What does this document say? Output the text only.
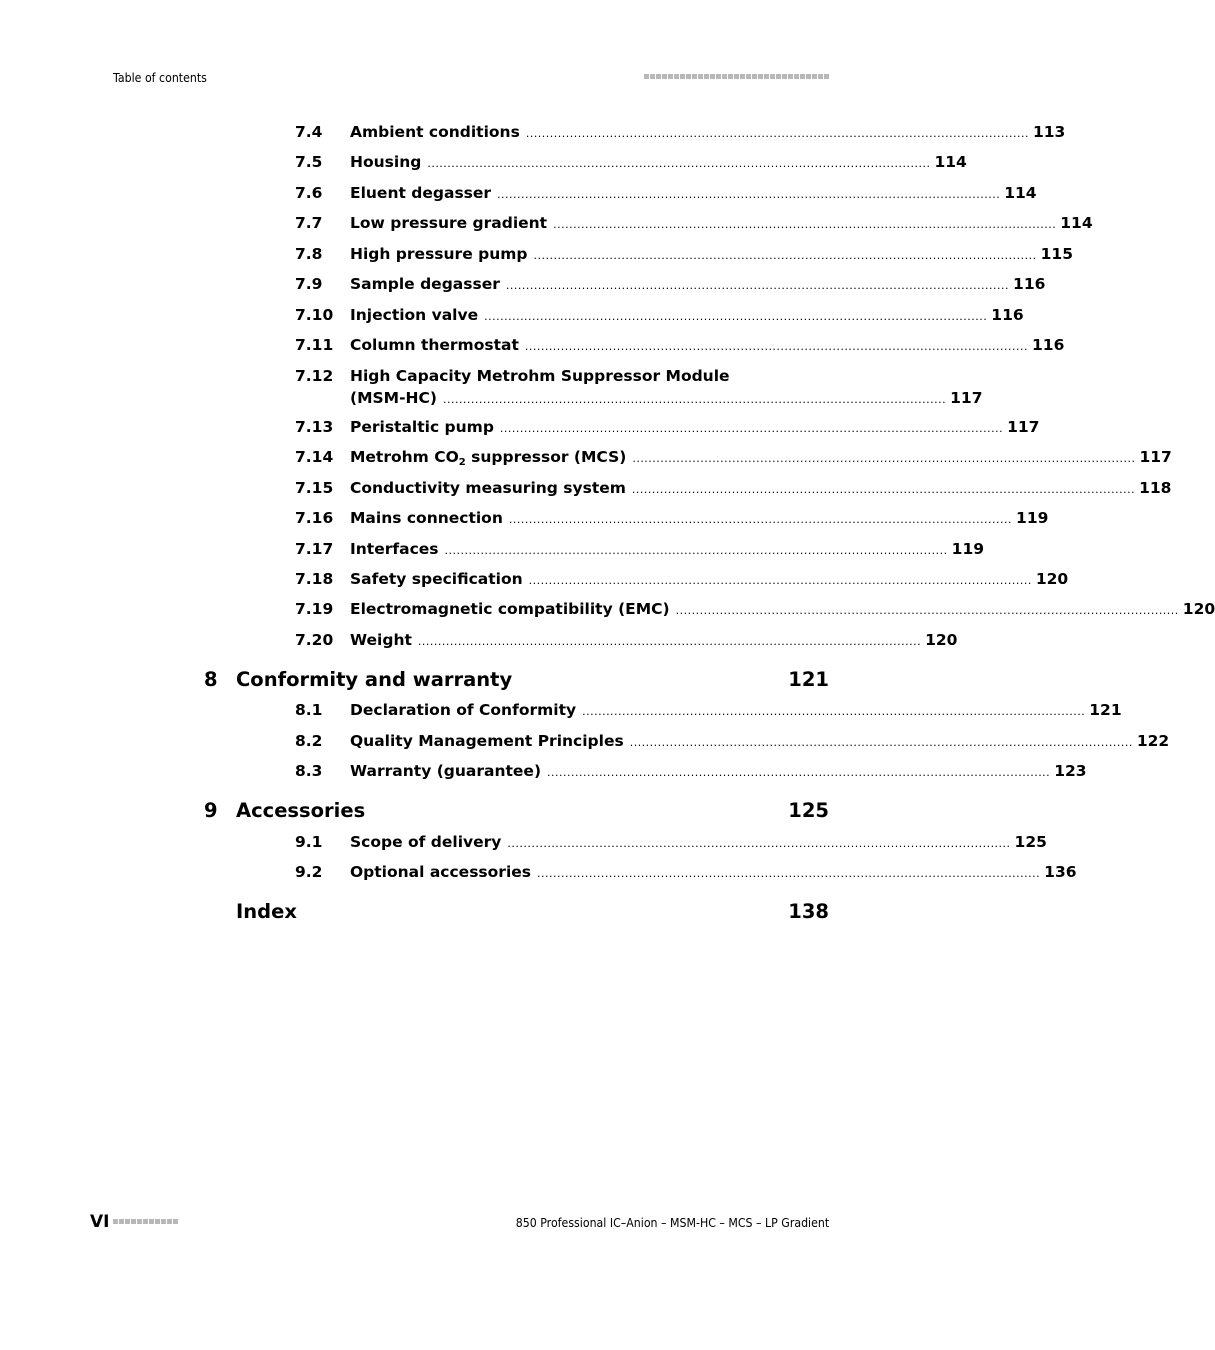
Table of contents
7.4	Ambient conditions . . .	113
7.5	Housing . . .	114
7.6	Eluent degasser . . .	114
7.7	Low pressure gradient . . .	114
7.8	High pressure pump . . .	115
7.9	Sample degasser . . .	116
7.10	Injection valve . . .	116
7.11	Column thermostat . . .	116
7.12	High Capacity Metrohm Suppressor Module
(MSM-HC) . . .	117
7.13	Peristaltic pump . . .	117
7.14	Metrohm $CO_2$ suppressor (MCS) . . .	117
7.15	Conductivity measuring system . . .	118
7.16	Mains connection . . .	119
7.17	Interfaces . . .	119
7.18	Safety specification . . .	120
7.19	Electromagnetic compatibility (EMC) . . .	120
7.20	Weight . . .	120
8 Conformity and warranty	121
8.1	Declaration of Conformity . . .	121
8.2	Quality Management Principles . . .	122
8.3	Warranty (guarantee) . . .	123
9 Accessories	125
9.1	Scope of delivery . . .	125
9.2	Optional accessories . . .	136
Index	138
VI	850 Professional IC–Anion – MSM-HC – MCS – LP Gradient
